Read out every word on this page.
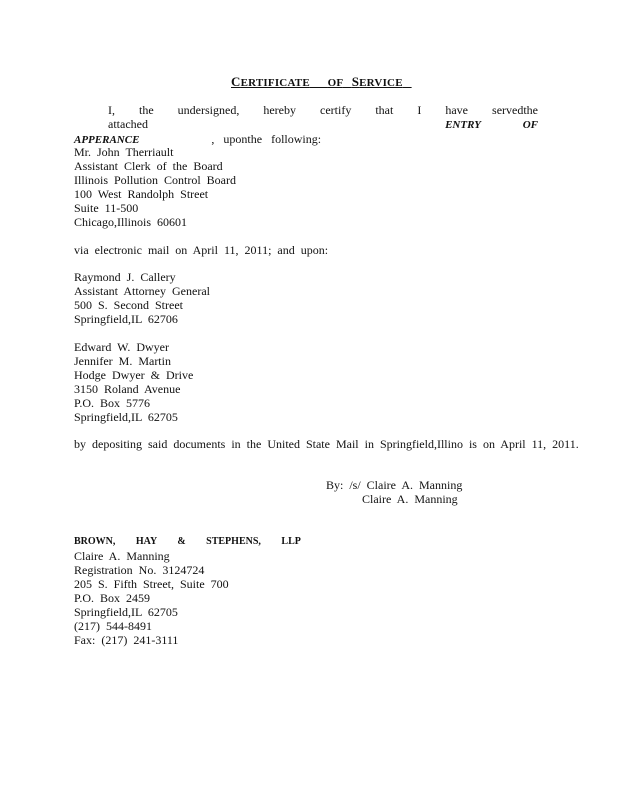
CERTIFICATE OF SERVICE
I, the undersigned, hereby certify that I have servedthe attached	ENTRY OF
APPERANCE	, uponthe following:
Mr. John Therriault
Assistant Clerk of the Board
Illinois Pollution Control Board
100 West Randolph Street
Suite 11-500
Chicago,Illinois 60601
via electronic mail on April 11, 2011; and upon:
Raymond J. Callery
Assistant Attorney General
500 S. Second Street
Springfield,IL 62706
Edward W. Dwyer
Jennifer M. Martin
Hodge Dwyer & Drive
3150 Roland Avenue
P.O. Box 5776
Springfield,IL 62705
by depositing said documents in the United State Mail in Springfield,Illino is on April 11, 2011.
By: /s/ Claire A. Manning
Claire A. Manning
BROWN, HAY & STEPHENS, LLP
Claire A. Manning
Registration No. 3124724
205 S. Fifth Street, Suite 700
P.O. Box 2459
Springfield,IL 62705
(217) 544-8491
Fax: (217) 241-3111
